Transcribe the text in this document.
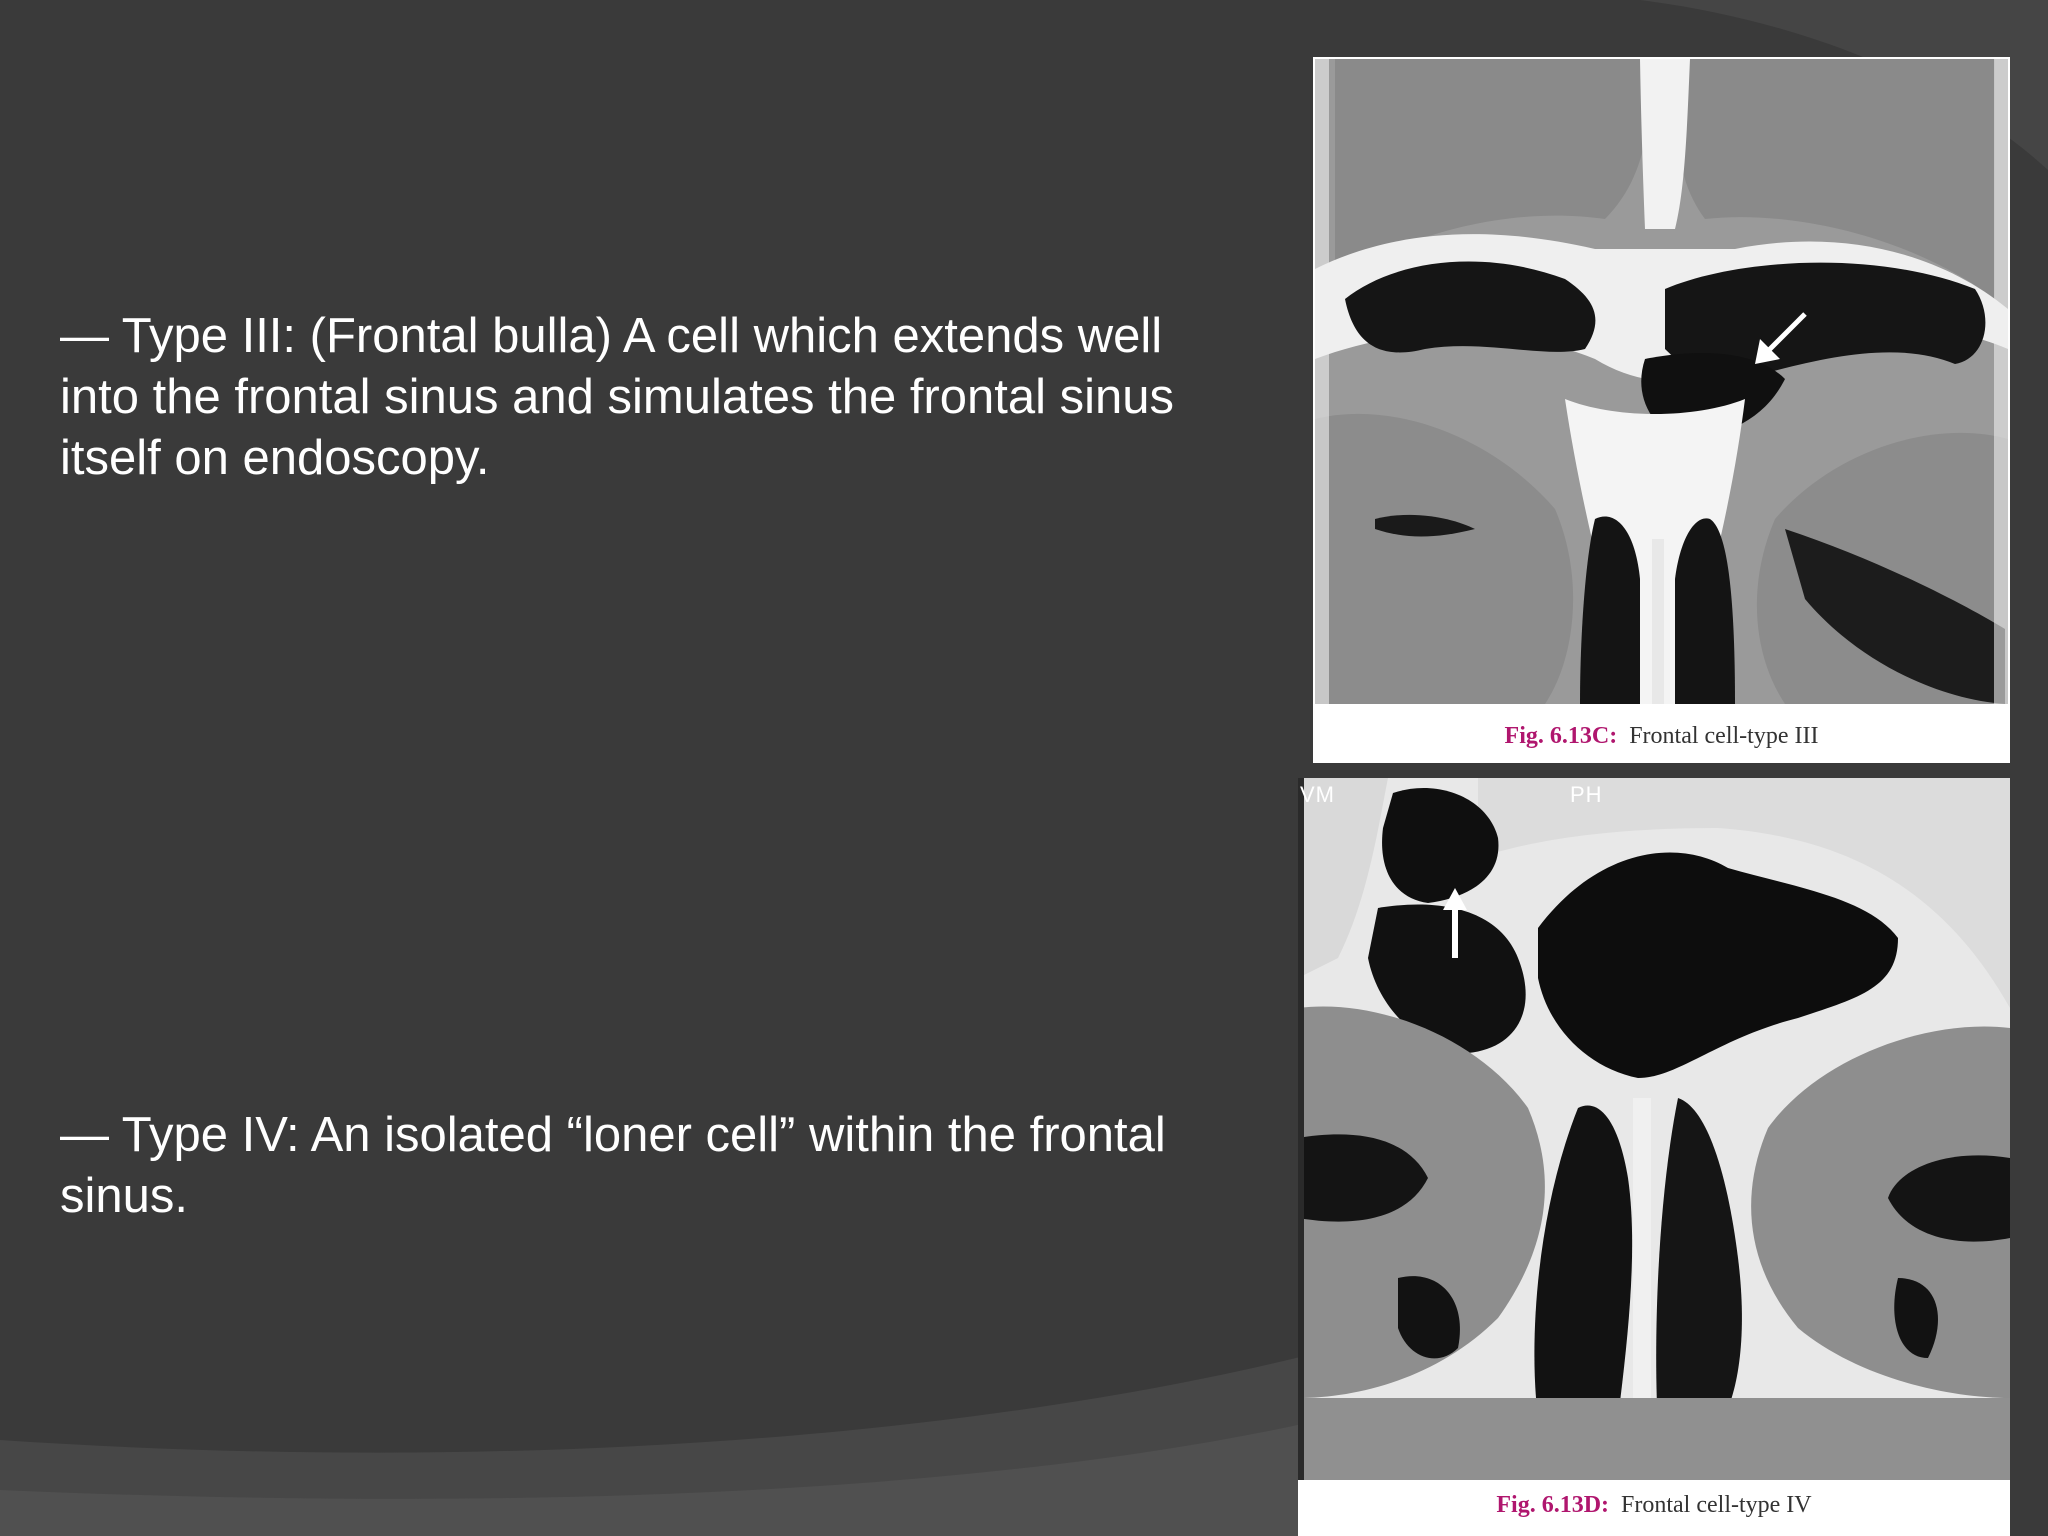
— Type III: (Frontal bulla) A cell which extends well into the frontal sinus and simulates the frontal sinus itself on endoscopy.
— Type IV: An isolated “loner cell” within the frontal sinus.
Fig. 6.13C: Frontal cell-type III
VM	PH
Fig. 6.13D: Frontal cell-type IV
